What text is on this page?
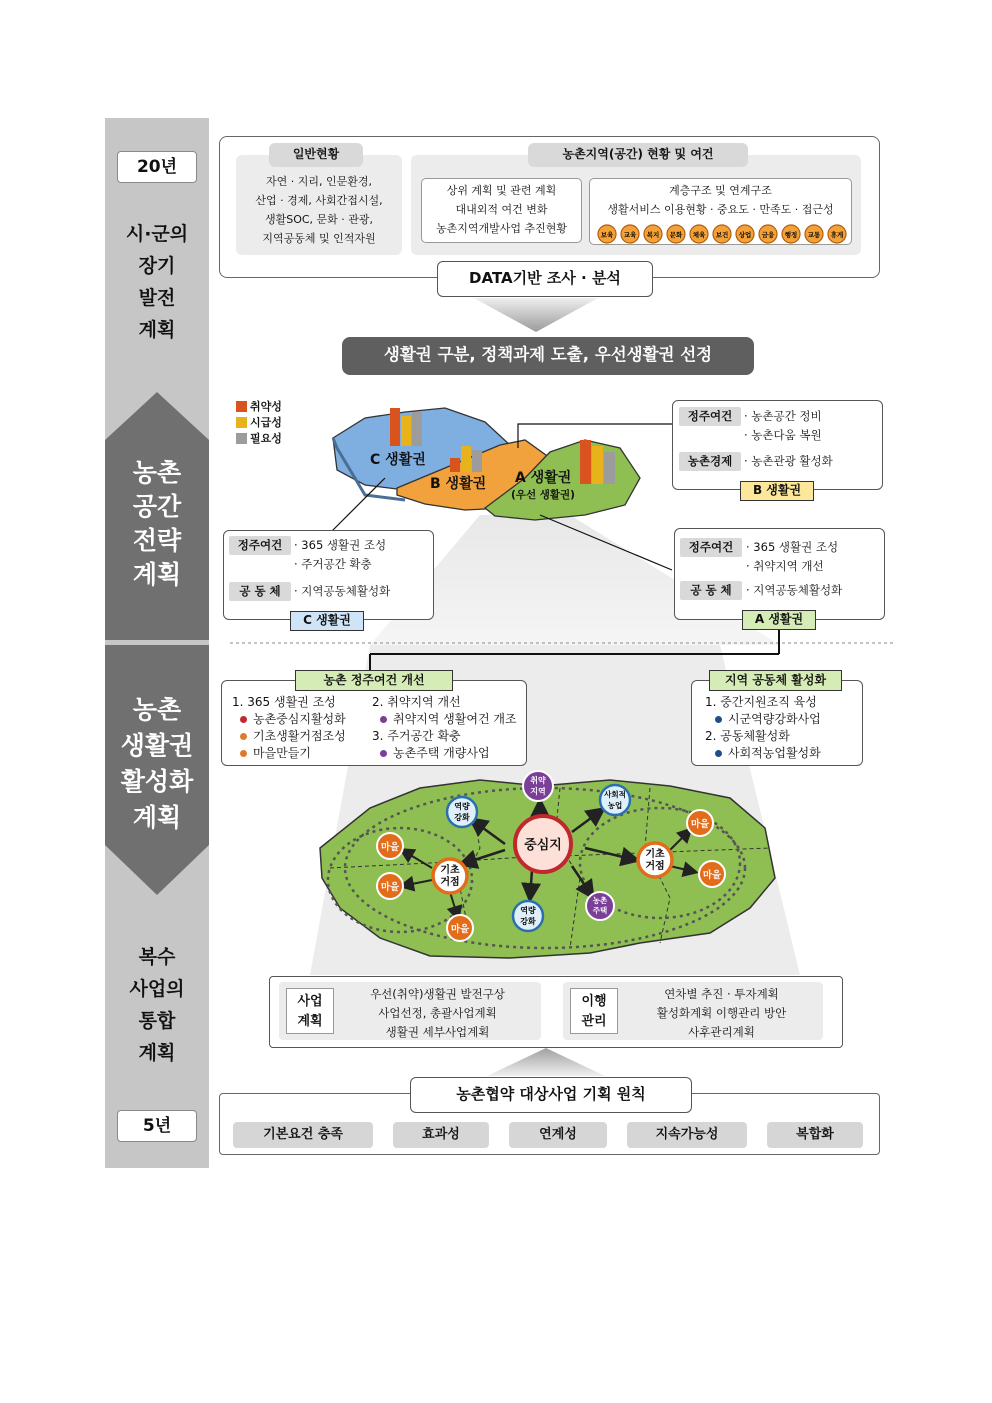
20년
시·군의
장기
발전
계획
농촌
공간
전략
계획
농촌
생활권
활성화
계획
복수
사업의
통합
계획
5년
일반현황
자연 · 지리, 인문환경,
산업 · 경제, 사회간접시설,
생활SOC, 문화 · 관광,
지역공동체 및 인적자원
농촌지역(공간) 현황 및 여건
상위 계획 및 관련 계획
대내외적 여건 변화
농촌지역개발사업 추진현황
계층구조 및 연계구조
생활서비스 이용현황 · 중요도 · 만족도 · 접근성
보육 교육 복지 문화 체육 보건 상업 금융 행정 교통 휴게
DATA기반 조사 · 분석
생활권 구분, 정책과제 도출, 우선생활권 선정
취약성
시급성
필요성
C 생활권
B 생활권 A 생활권
(우선 생활권)
정주여건	· 농촌공간 정비
· 농촌다움 복원
농촌경제	· 농촌관광 활성화
B 생활권
정주여건	· 365 생활권 조성
· 주거공간 확충
공 동 체	· 지역공동체활성화
C 생활권
정주여건	· 365 생활권 조성
· 취약지역 개선
공 동 체	· 지역공동체활성화
A 생활권
농촌 정주여건 개선
1. 365 생활권 조성
농촌중심지활성화
기초생활거점조성
마을만들기
2. 취약지역 개선
취약지역 생활여건 개조
3. 주거공간 확충
농촌주택 개량사업
지역 공동체 활성화
1. 중간지원조직 육성
시군역량강화사업
2. 공동체활성화
사회적농업활성화
중심지
기초
거점
기초
거점
마을
마을
마을
마을
마을
역량
강화
역량
강화
취약
지역	사회적
농업
농촌
주택
사업
계획
우선(취약)생활권 발전구상
사업선정, 총괄사업계획
생활권 세부사업계획
이행
관리
연차별 추진 · 투자계획
활성화계획 이행관리 방안
사후관리계획
농촌협약 대상사업 기획 원칙
기본요건 충족	효과성	연계성	지속가능성	복합화
